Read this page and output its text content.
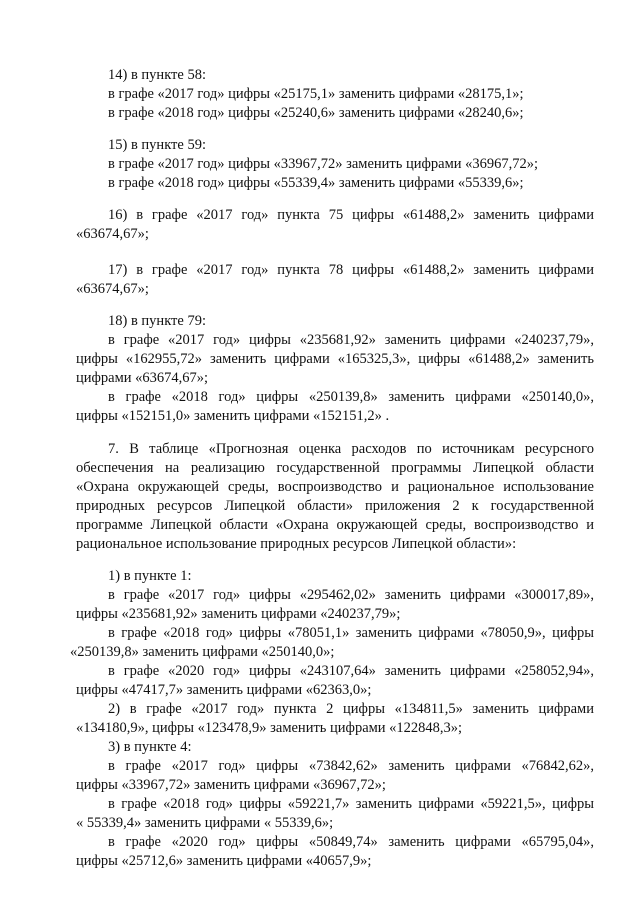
14) в пункте 58:
в графе «2017 год» цифры «25175,1» заменить цифрами «28175,1»;
в графе «2018 год» цифры «25240,6» заменить цифрами «28240,6»;
15) в пункте 59:
в графе «2017 год» цифры «33967,72» заменить цифрами «36967,72»;
в графе «2018 год» цифры «55339,4» заменить цифрами «55339,6»;
16) в графе «2017 год» пункта 75 цифры «61488,2» заменить цифрами
«63674,67»;
17) в графе «2017 год» пункта 78 цифры «61488,2» заменить цифрами
«63674,67»;
18) в пункте 79:
в графе «2017 год» цифры «235681,92» заменить цифрами «240237,79»,
цифры «162955,72» заменить цифрами «165325,3», цифры «61488,2» заменить
цифрами «63674,67»;
в графе «2018 год» цифры «250139,8» заменить цифрами «250140,0»,
цифры «152151,0» заменить цифрами «152151,2» .
7. В таблице «Прогнозная оценка расходов по источникам ресурсного
обеспечения на реализацию государственной программы Липецкой области
«Охрана окружающей среды, воспроизводство и рациональное использование
природных ресурсов Липецкой области» приложения 2 к государственной
программе Липецкой области «Охрана окружающей среды, воспроизводство и
рациональное использование природных ресурсов Липецкой области»:
1) в пункте 1:
в графе «2017 год» цифры «295462,02» заменить цифрами «300017,89»,
цифры «235681,92» заменить цифрами «240237,79»;
в графе «2018 год» цифры «78051,1» заменить цифрами «78050,9», цифры
«250139,8» заменить цифрами «250140,0»;
в графе «2020 год» цифры «243107,64» заменить цифрами «258052,94»,
цифры «47417,7» заменить цифрами «62363,0»;
2) в графе «2017 год» пункта 2 цифры «134811,5» заменить цифрами
«134180,9», цифры «123478,9» заменить цифрами «122848,3»;
3) в пункте 4:
в графе «2017 год» цифры «73842,62» заменить цифрами «76842,62»,
цифры «33967,72» заменить цифрами «36967,72»;
в графе «2018 год» цифры «59221,7» заменить цифрами «59221,5», цифры
« 55339,4» заменить цифрами « 55339,6»;
в графе «2020 год» цифры «50849,74» заменить цифрами «65795,04»,
цифры «25712,6» заменить цифрами «40657,9»;
